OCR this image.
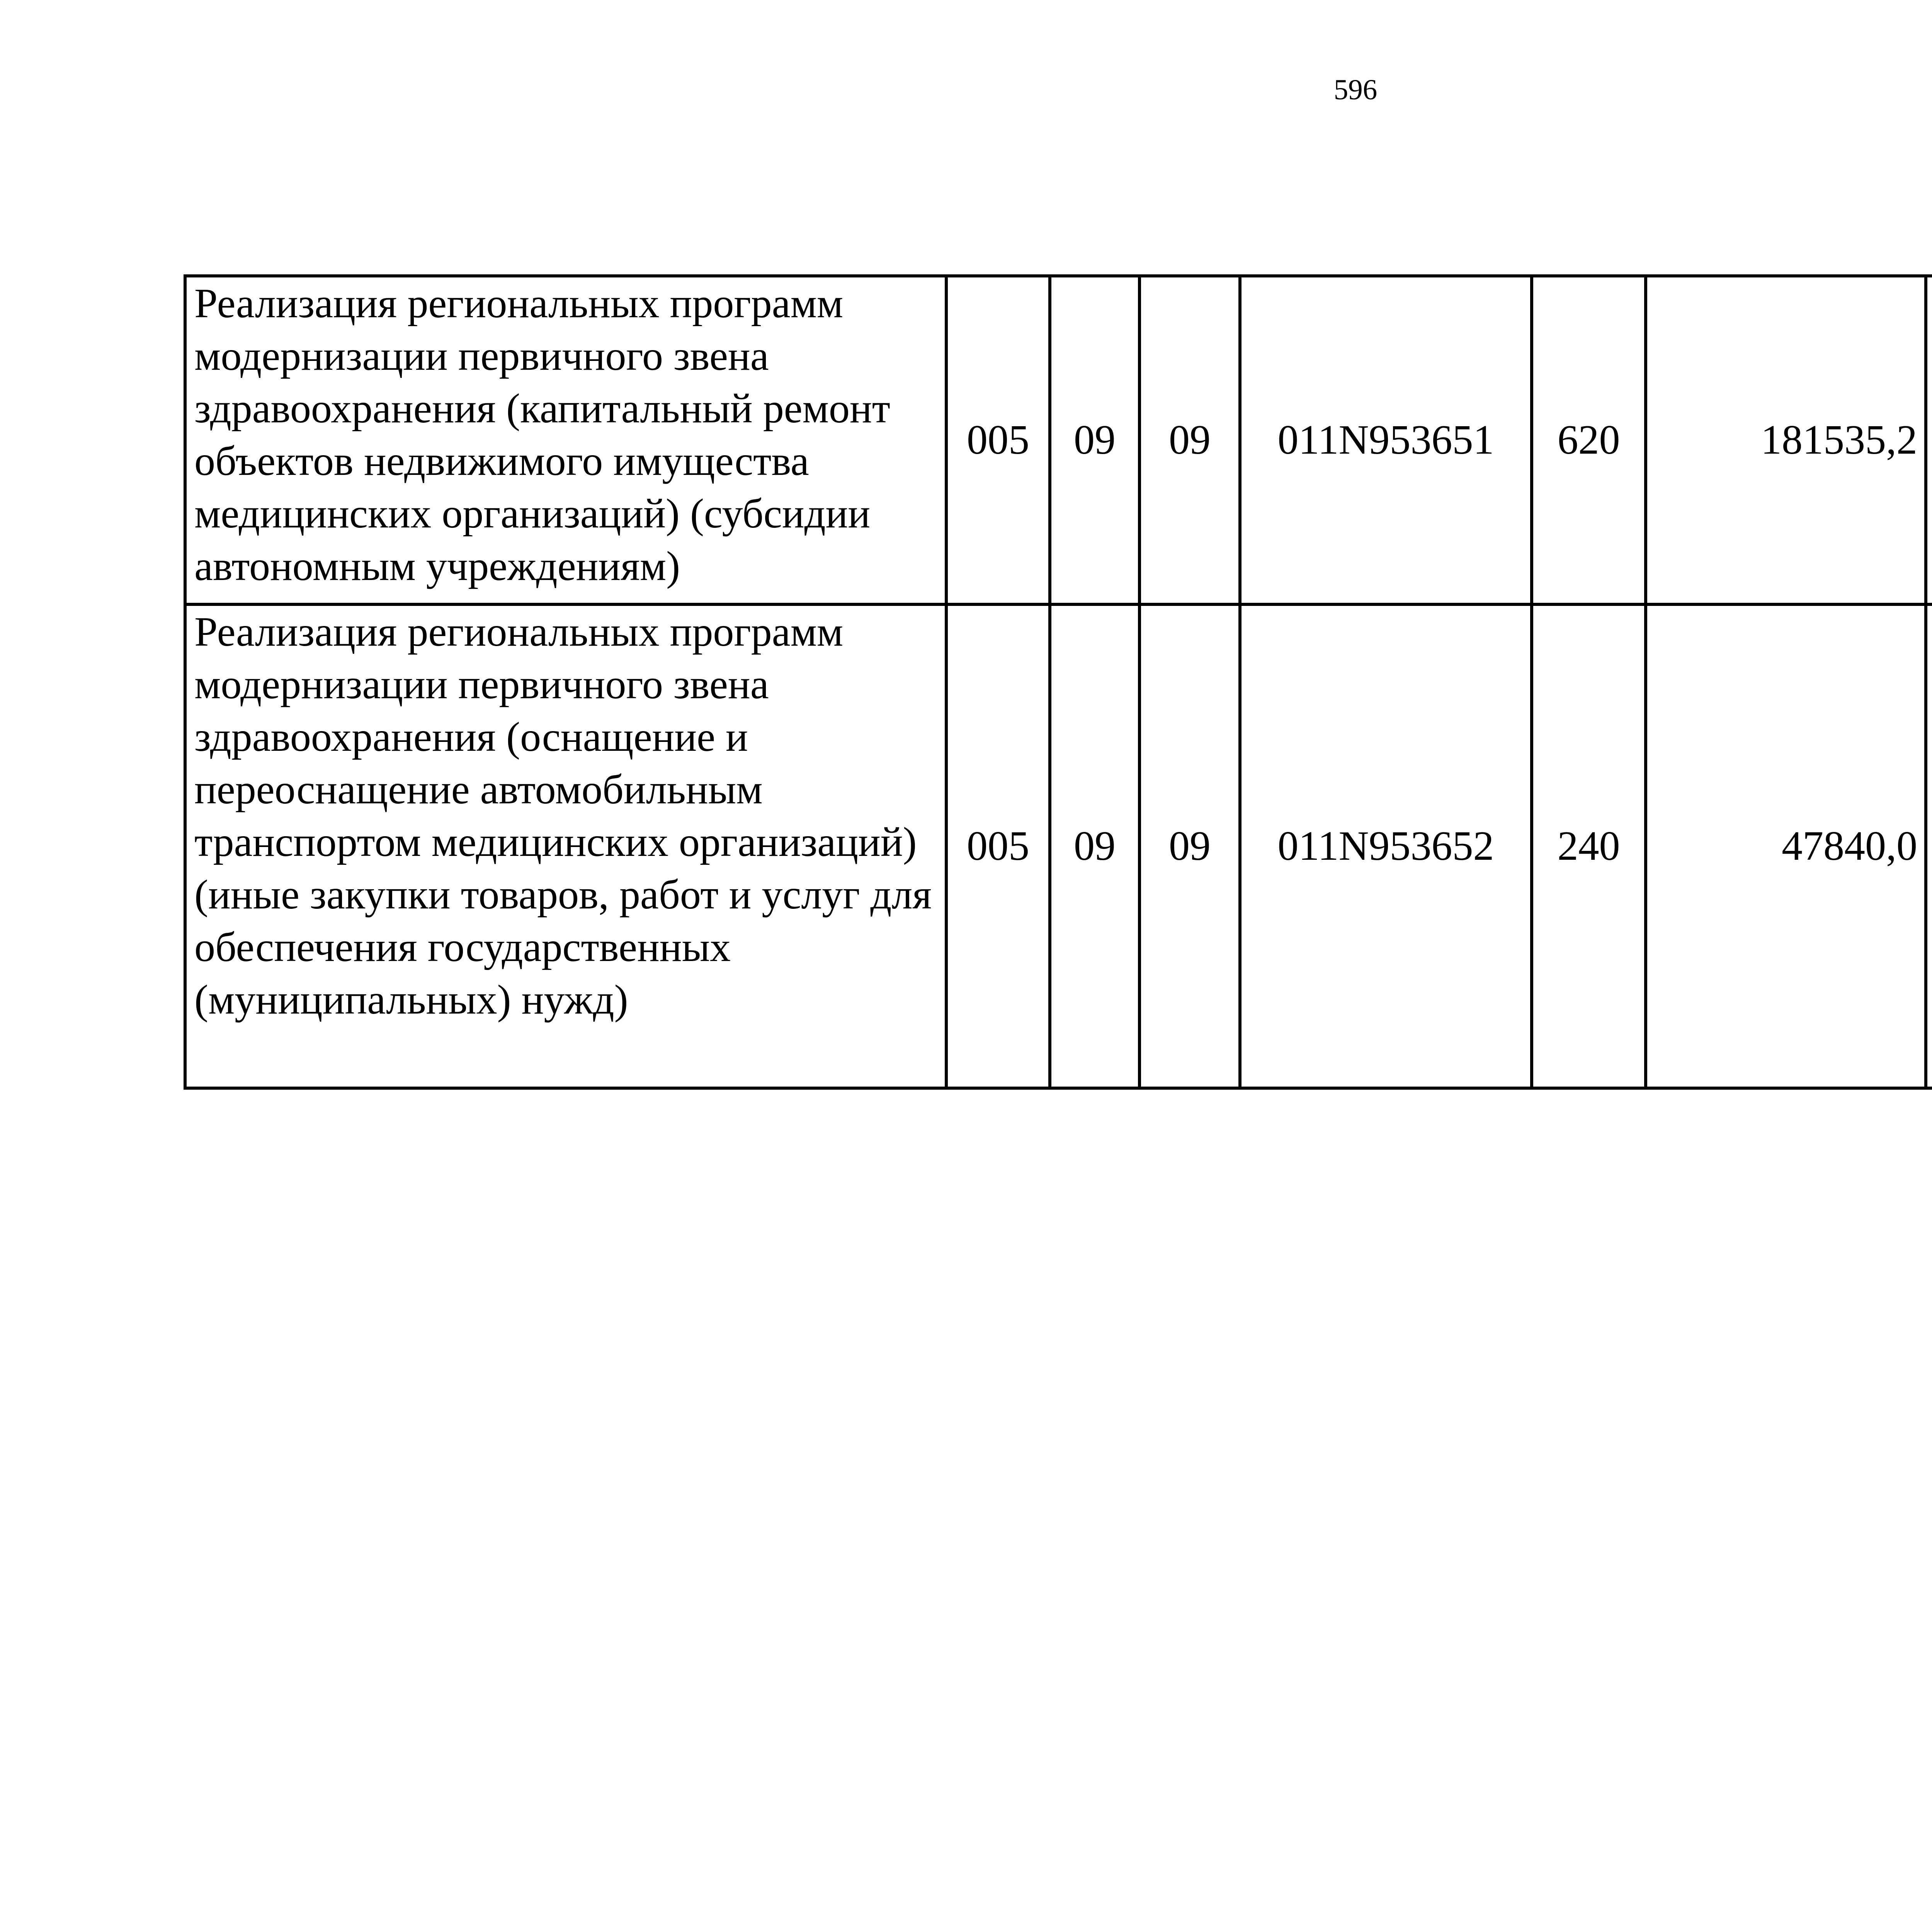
596
Реализация региональных программ модернизации первичного звена здравоохранения (капитальный ремонт объектов недвижимого имущества медицинских организаций) (субсидии автономным учреждениям)	005	09	09	011N953651	620	181535,2		
Реализация региональных программ модернизации первичного звена здравоохранения (оснащение и переоснащение автомобильным транспортом медицинских организаций) (иные закупки товаров, работ и услуг для обеспечения государственных (муниципальных) нужд)	005	09	09	011N953652	240	47840,0		
